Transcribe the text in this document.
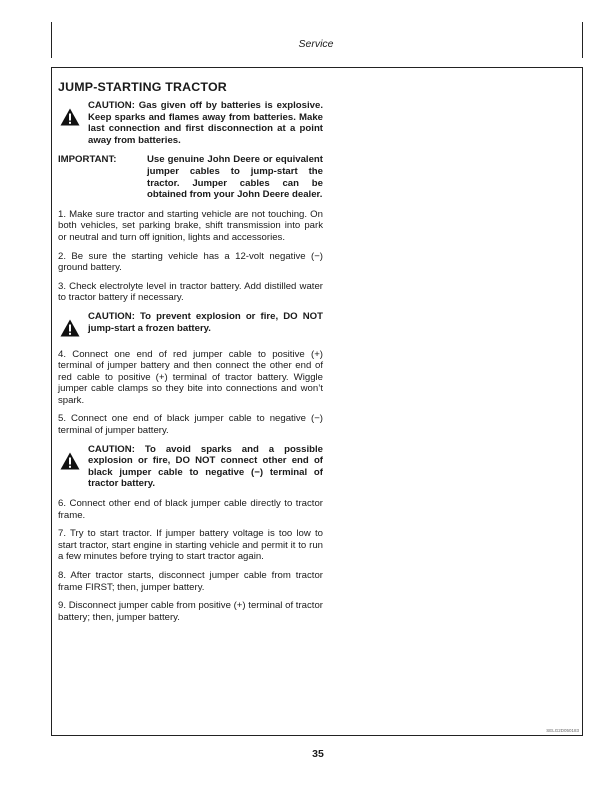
Service
JUMP-STARTING TRACTOR
CAUTION: Gas given off by batteries is explosive. Keep sparks and flames away from batteries. Make last connection and first disconnection at a point away from batteries.
IMPORTANT:	Use genuine John Deere or equivalent jumper cables to jump-start the tractor. Jumper cables can be obtained from your John Deere dealer.

1. Make sure tractor and starting vehicle are not touching. On both vehicles, set parking brake, shift transmission into park or neutral and turn off ignition, lights and accessories.

2. Be sure the starting vehicle has a 12-volt negative (−) ground battery.

3. Check electrolyte level in tractor battery. Add distilled water to tractor battery if necessary.

CAUTION: To prevent explosion or fire, DO NOT jump-start a frozen battery.

4. Connect one end of red jumper cable to positive (+) terminal of jumper battery and then connect the other end of red cable to positive (+) terminal of tractor battery. Wiggle jumper cable clamps so they bite into connections and won’t spark.

5. Connect one end of black jumper cable to negative (−) terminal of jumper battery.

CAUTION: To avoid sparks and a possible explosion or fire, DO NOT connect other end of black jumper cable to negative (−) terminal of tractor battery.

6. Connect other end of black jumper cable directly to tractor frame.

7. Try to start tractor. If jumper battery voltage is too low to start tractor, start engine in starting vehicle and permit it to run a few minutes before trying to start tractor again.

8. After tractor starts, disconnect jumper cable from tractor frame FIRST; then, jumper battery.

9. Disconnect jumper cable from positive (+) terminal of tractor battery; then, jumper battery.

SELG2D050183
35
